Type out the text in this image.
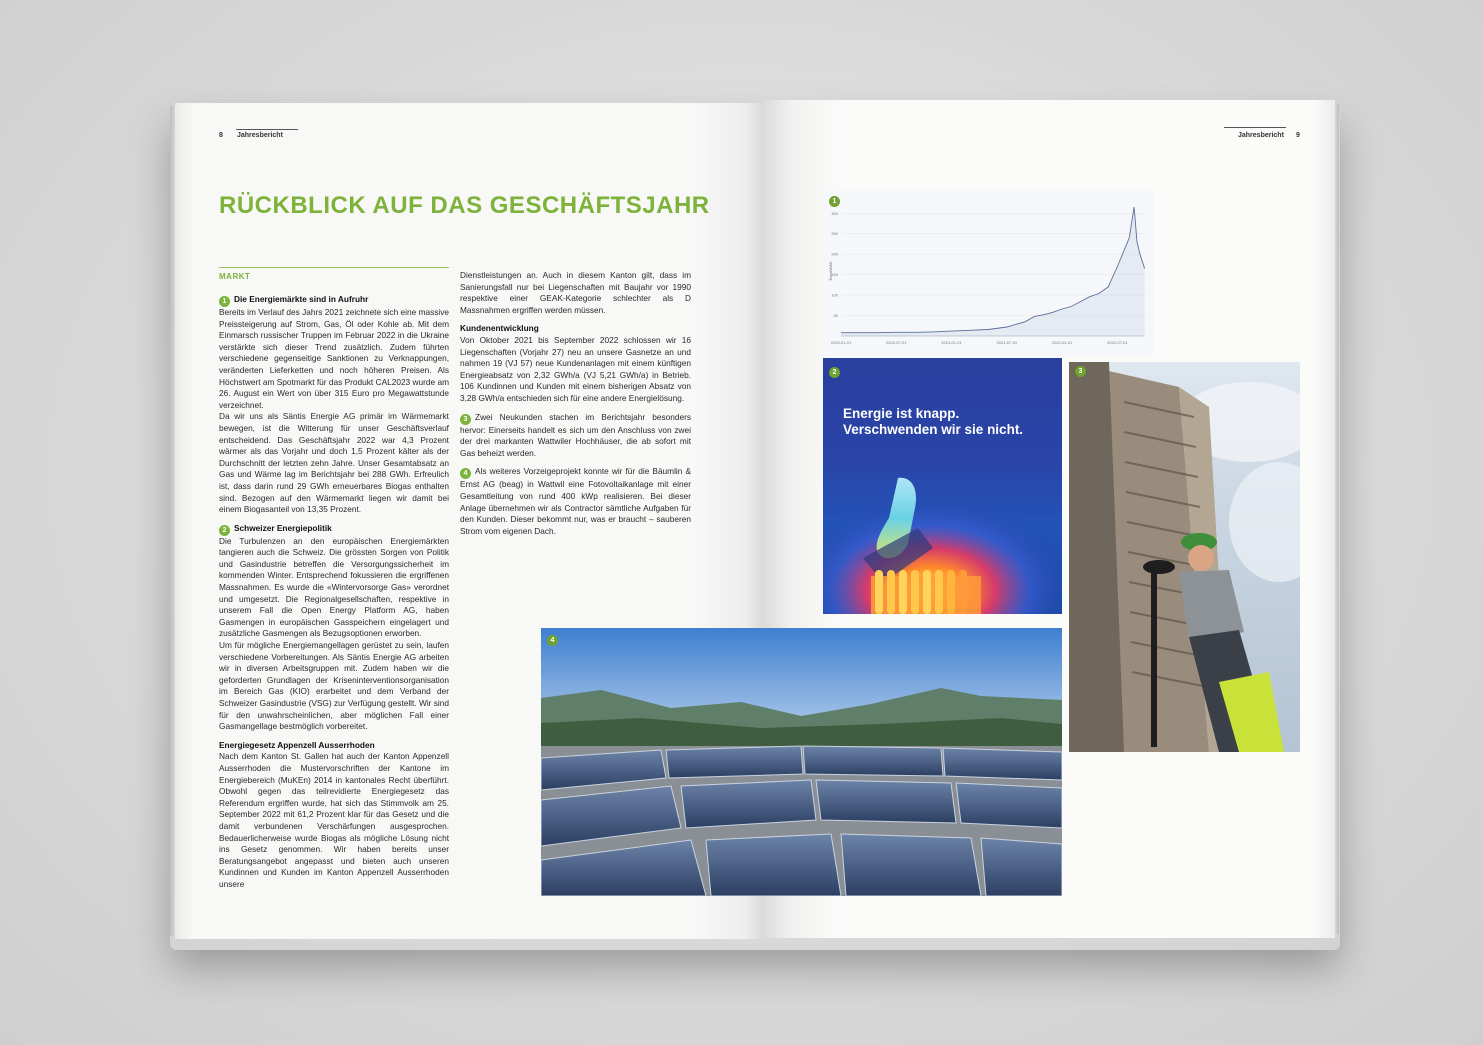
8 Jahresbericht
RÜCKBLICK AUF DAS GESCHÄFTSJAHR
MARKT
1 Die Energiemärkte sind in Aufruhr

Bereits im Verlauf des Jahrs 2021 zeichnete sich eine massive Preissteigerung auf Strom, Gas, Öl oder Kohle ab. Mit dem Einmarsch russischer Truppen im Februar 2022 in die Ukraine verstärkte sich dieser Trend zusätzlich. Zudem führten verschiedene gegenseitige Sanktionen zu Verknappungen, veränderten Lieferketten und noch höheren Preisen. Als Höchstwert am Spotmarkt für das Produkt CAL2023 wurde am 26. August ein Wert von über 315 Euro pro Megawattstunde verzeichnet.

Da wir uns als Säntis Energie AG primär im Wärmemarkt bewegen, ist die Witterung für unser Geschäftsverlauf entscheidend. Das Geschäftsjahr 2022 war 4,3 Prozent wärmer als das Vorjahr und doch 1,5 Prozent kälter als der Durchschnitt der letzten zehn Jahre. Unser Gesamtabsatz an Gas und Wärme lag im Berichtsjahr bei 288 GWh. Erfreulich ist, dass darin rund 29 GWh erneuerbares Biogas enthalten sind. Bezogen auf den Wärmemarkt liegen wir damit bei einem Biogasanteil von 13,35 Prozent.

2 Schweizer Energiepolitik

Die Turbulenzen an den europäischen Energiemärkten tangieren auch die Schweiz. Die grössten Sorgen von Politik und Gasindustrie betreffen die Versorgungssicherheit im kommenden Winter. Entsprechend fokussieren die ergriffenen Massnahmen. Es wurde die «Wintervorsorge Gas» verordnet und umgesetzt. Die Regionalgesellschaften, respektive in unserem Fall die Open Energy Platform AG, haben Gasmengen in europäischen Gasspeichern eingelagert und zusätzliche Gasmengen als Bezugsoptionen erworben.

Um für mögliche Energiemangellagen gerüstet zu sein, laufen verschiedene Vorbereitungen. Als Säntis Energie AG arbeiten wir in diversen Arbeitsgruppen mit. Zudem haben wir die geforderten Grundlagen der Kriseninterventionsorganisation im Bereich Gas (KIO) erarbeitet und dem Verband der Schweizer Gasindustrie (VSG) zur Verfügung gestellt. Wir sind für den unwahrscheinlichen, aber möglichen Fall einer Gasmangellage bestmöglich vorbereitet.

Energiegesetz Appenzell Ausserrhoden

Nach dem Kanton St. Gallen hat auch der Kanton Appenzell Ausserrhoden die Mustervorschriften der Kantone im Energiebereich (MuKEn) 2014 in kantonales Recht überführt. Obwohl gegen das teilrevidierte Energiegesetz das Referendum ergriffen wurde, hat sich das Stimmvolk am 25. September 2022 mit 61,2 Prozent klar für das Gesetz und die damit verbundenen Verschärfungen ausgesprochen. Bedauerlicherweise wurde Biogas als mögliche Lösung nicht ins Gesetz genommen. Wir haben bereits unser Beratungsangebot angepasst und bieten auch unseren Kundinnen und Kunden im Kanton Appenzell Ausserrhoden unsere

Dienstleistungen an. Auch in diesem Kanton gilt, dass im Sanierungsfall nur bei Liegenschaften mit Baujahr vor 1990 respektive einer GEAK-Kategorie schlechter als D Massnahmen ergriffen werden müssen.

Kundenentwicklung

Von Oktober 2021 bis September 2022 schlossen wir 16 Liegenschaften (Vorjahr 27) neu an unsere Gasnetze an und nahmen 19 (VJ 57) neue Kundenanlagen mit einem künftigen Energieabsatz von 2,32 GWh/a (VJ 5,21 GWh/a) in Betrieb. 106 Kundinnen und Kunden mit einem bisherigen Absatz von 3,28 GWh/a entschieden sich für eine andere Energielösung.

3 Zwei Neukunden stachen im Berichtsjahr besonders hervor: Einerseits handelt es sich um den Anschluss von zwei der drei markanten Wattwiler Hochhäuser, die ab sofort mit Gas beheizt werden.

4 Als weiteres Vorzeigeprojekt konnte wir für die Bäumlin & Ernst AG (beag) in Wattwil eine Fotovoltaikanlage mit einer Gesamtleitung von rund 400 kWp realisieren. Bei dieser Anlage übernehmen wir als Contractor sämtliche Aufgaben für den Kunden. Dieser bekommt nur, was er braucht – sauberen Strom vom eigenen Dach.

Jahresbericht 9
50
100
150
200
250
300
2020-01-01	2020-07-01	2021-01-01	2021-07-01	2022-01-01	2022-07-01
Euro/MWh
1
Energie ist knapp.
Verschwenden wir sie nicht.
2	3
4
